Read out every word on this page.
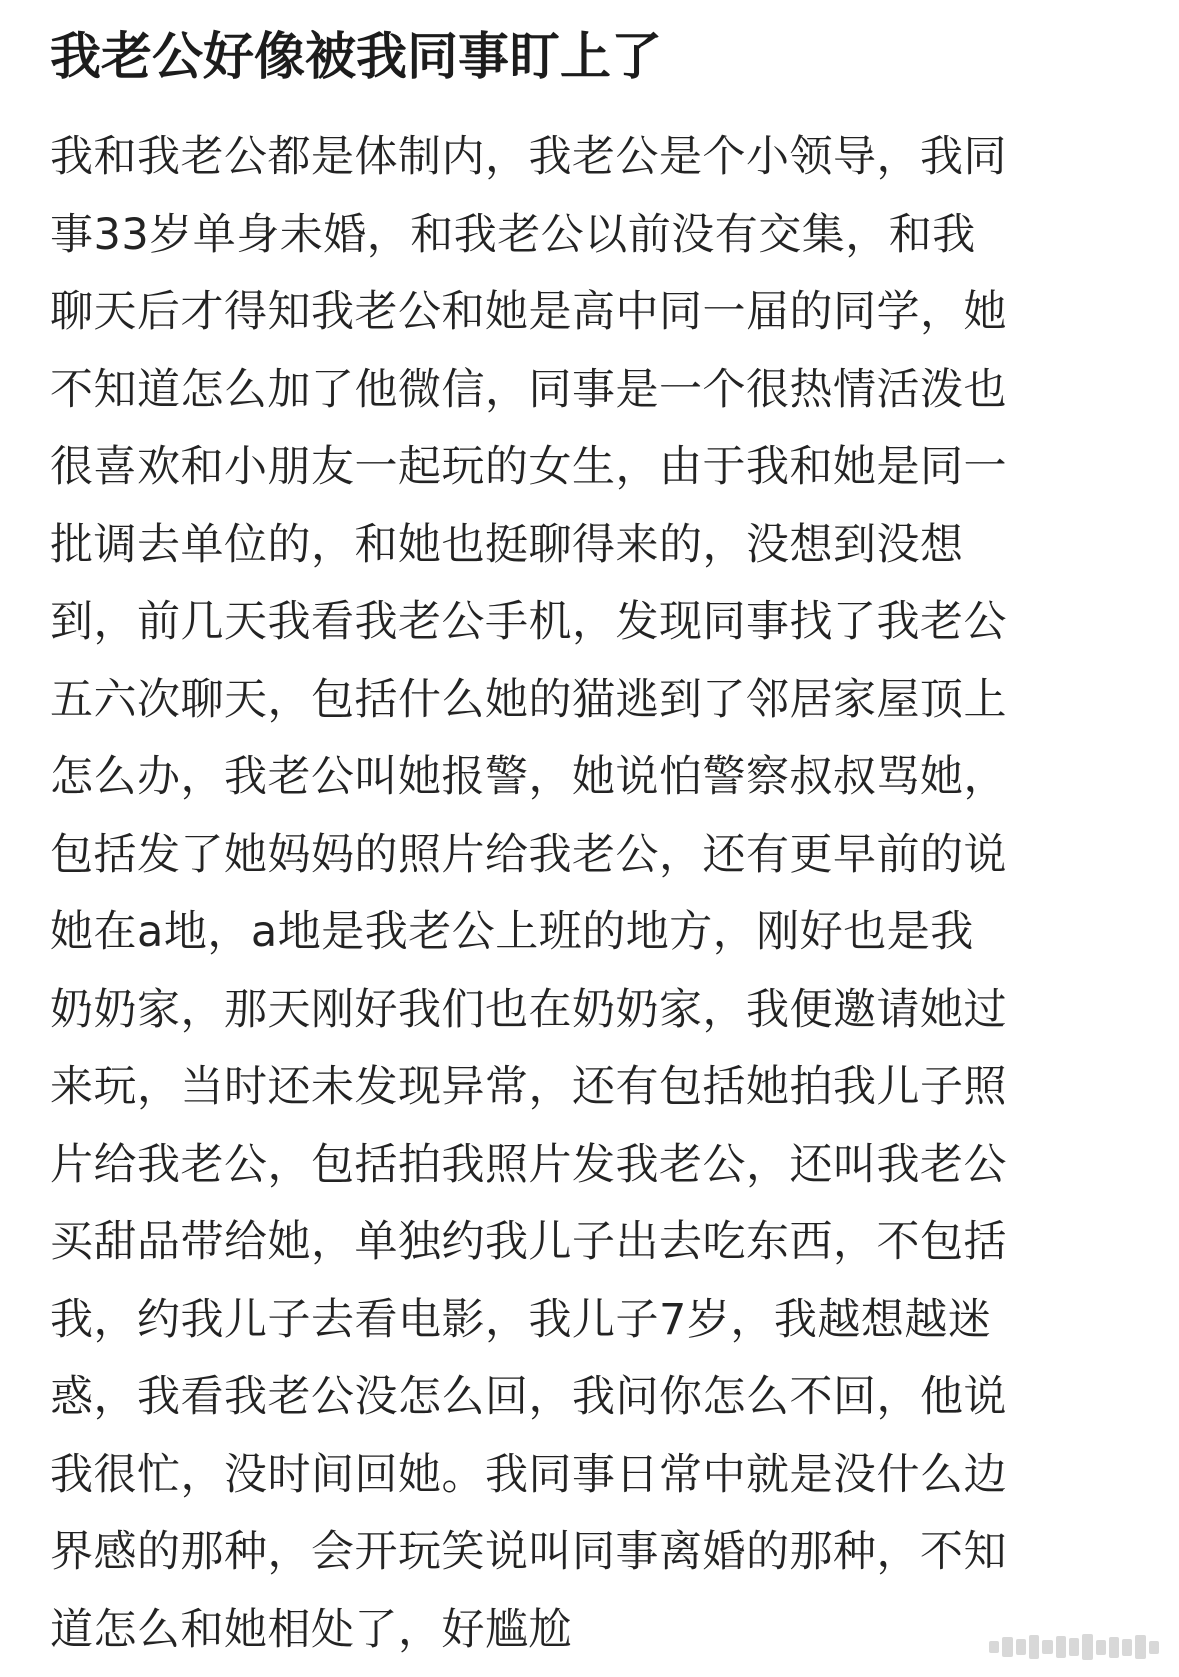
我老公好像被我同事盯上了
我和我老公都是体制内，我老公是个小领导，我同
事33岁单身未婚，和我老公以前没有交集，和我
聊天后才得知我老公和她是高中同一届的同学，她
不知道怎么加了他微信，同事是一个很热情活泼也
很喜欢和小朋友一起玩的女生，由于我和她是同一
批调去单位的，和她也挺聊得来的，没想到没想
到，前几天我看我老公手机，发现同事找了我老公
五六次聊天，包括什么她的猫逃到了邻居家屋顶上
怎么办，我老公叫她报警，她说怕警察叔叔骂她，
包括发了她妈妈的照片给我老公，还有更早前的说
她在a地，a地是我老公上班的地方，刚好也是我
奶奶家，那天刚好我们也在奶奶家，我便邀请她过
来玩，当时还未发现异常，还有包括她拍我儿子照
片给我老公，包括拍我照片发我老公，还叫我老公
买甜品带给她，单独约我儿子出去吃东西，不包括
我，约我儿子去看电影，我儿子7岁，我越想越迷
惑，我看我老公没怎么回，我问你怎么不回，他说
我很忙，没时间回她。我同事日常中就是没什么边
界感的那种，会开玩笑说叫同事离婚的那种，不知
道怎么和她相处了，好尴尬
